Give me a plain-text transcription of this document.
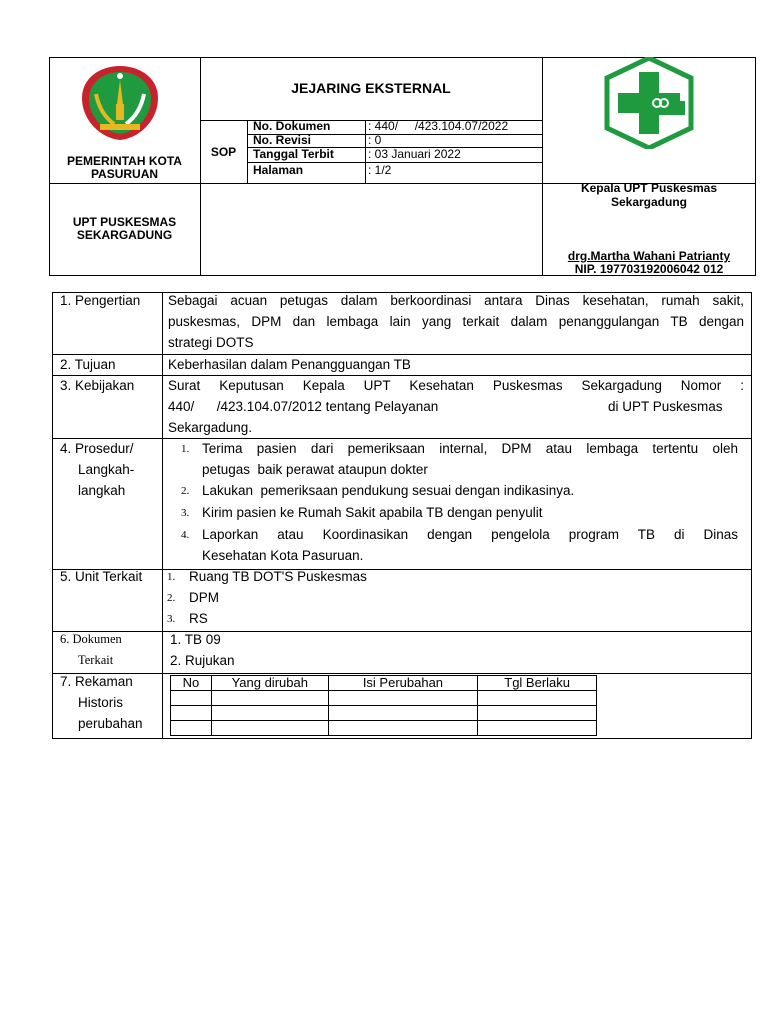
PEMERINTAH KOTA PASURUAN
UPT PUSKESMAS SEKARGADUNG
JEJARING EKSTERNAL
SOP
No. Dokumen	: 440/     /423.104.07/2022
No. Revisi	: 0
Tanggal Terbit	: 03 Januari 2022
Halaman	: 1/2
Kepala UPT Puskesmas Sekargadung
drg.Martha Wahani Patrianty
NIP. 197703192006042 012
1. Pengertian Sebagai acuan petugas dalam berkoordinasi antara Dinas kesehatan, rumah sakit,
puskesmas, DPM dan lembaga lain yang terkait dalam penanggulangan TB dengan
strategi DOTS
2. Tujuan	Keberhasilan dalam Penangguangan TB
3. Kebijakan Surat Keputusan Kepala UPT Kesehatan Puskesmas Sekargadung Nomor :
440/      /423.104.07/2012 tentang Pelayanan	di UPT Puskesmas
Sekargadung.
4. Prosedur/
Langkah-
langkah
1. Terima pasien dari pemeriksaan internal, DPM atau lembaga tertentu oleh
petugas  baik perawat ataupun dokter
2. Lakukan  pemeriksaan pendukung sesuai dengan indikasinya.
3. Kirim pasien ke Rumah Sakit apabila TB dengan penyulit
4. Laporkan atau Koordinasikan dengan pengelola program TB di Dinas
Kesehatan Kota Pasuruan.
5. Unit Terkait 1. Ruang TB DOT'S Puskesmas
2. DPM
3. RS
6. Dokumen
Terkait
1. TB 09
2. Rujukan
7. Rekaman
Historis
perubahan
No	Yang dirubah	Isi Perubahan	Tgl Berlaku
